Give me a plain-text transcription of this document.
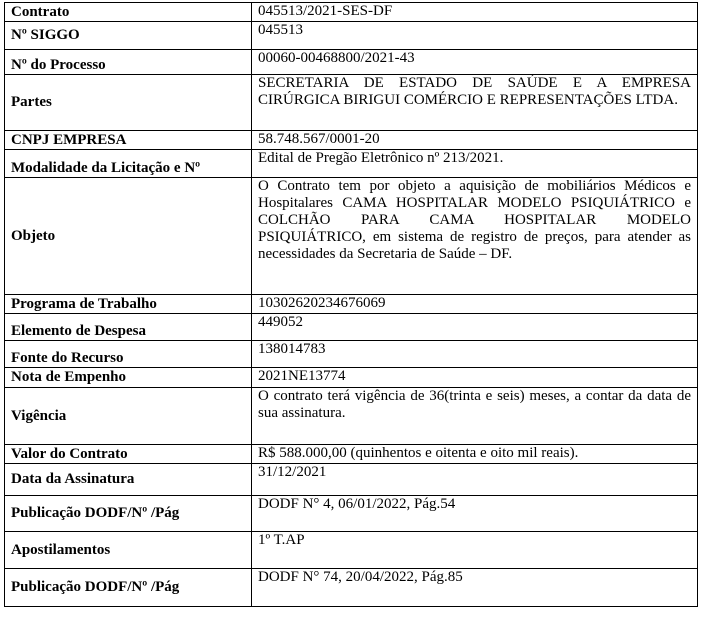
Contrato	045513/2021-SES-DF
Nº SIGGO	045513
Nº do Processo	00060-00468800/2021-43
Partes	SECRETARIA DE ESTADO DE SAÚDE E A EMPRESA CIRÚRGICA BIRIGUI COMÉRCIO E REPRESENTAÇÕES LTDA.
CNPJ EMPRESA	58.748.567/0001-20
Modalidade da Licitação e Nº	Edital de Pregão Eletrônico nº 213/2021.
Objeto	O Contrato tem por objeto a aquisição de mobiliários Médicos e Hospitalares CAMA HOSPITALAR MODELO PSIQUIÁTRICO e COLCHÃO PARA CAMA HOSPITALAR MODELO PSIQUIÁTRICO, em sistema de registro de preços, para atender as necessidades da Secretaria de Saúde – DF.
Programa de Trabalho	10302620234676069
Elemento de Despesa	449052
Fonte do Recurso	138014783
Nota de Empenho	2021NE13774
Vigência	O contrato terá vigência de 36(trinta e seis) meses, a contar da data de sua assinatura.
Valor do Contrato	R$ 588.000,00 (quinhentos e oitenta e oito mil reais).
Data da Assinatura	31/12/2021
Publicação DODF/Nº /Pág	DODF N° 4, 06/01/2022, Pág.54
Apostilamentos	1º T.AP
Publicação DODF/Nº /Pág	DODF N° 74, 20/04/2022, Pág.85
